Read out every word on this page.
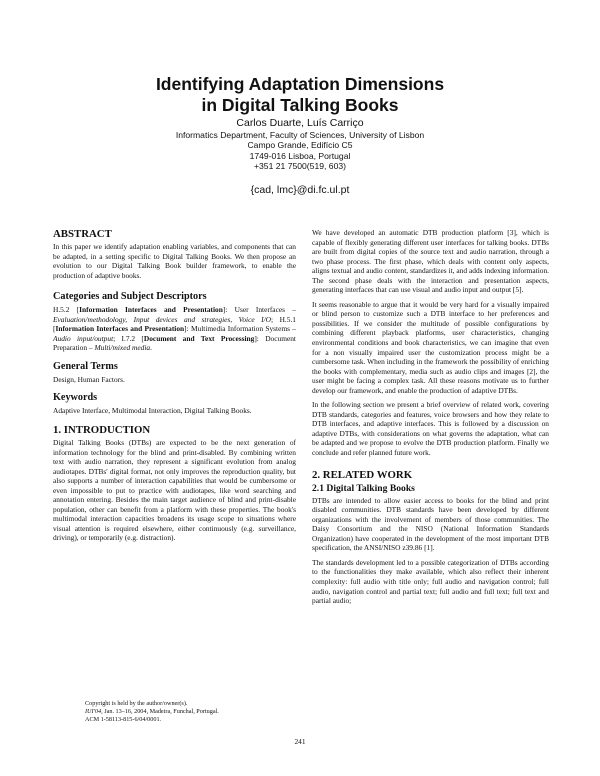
Identifying Adaptation Dimensions
in Digital Talking Books
Carlos Duarte, Luís Carriço
Informatics Department, Faculty of Sciences, University of Lisbon
Campo Grande, Edifício C5
1749-016 Lisboa, Portugal
+351 21 7500(519, 603)
{cad, lmc}@di.fc.ul.pt
ABSTRACT

In this paper we identify adaptation enabling variables, and components that can be adapted, in a setting specific to Digital Talking Books. We then propose an evolution to our Digital Talking Book builder framework, to enable the production of adaptive books.

Categories and Subject Descriptors

H.5.2 [Information Interfaces and Presentation]: User Interfaces – Evaluation/methodology, Input devices and strategies, Voice I/O; H.5.1 [Information Interfaces and Presentation]: Multimedia Information Systems – Audio input/output; I.7.2 [Document and Text Processing]: Document Preparation – Multi/mixed media.

General Terms

Design, Human Factors.

Keywords

Adaptive Interface, Multimodal Interaction, Digital Talking Books.

1. INTRODUCTION

Digital Talking Books (DTBs) are expected to be the next generation of information technology for the blind and print-disabled. By combining written text with audio narration, they represent a significant evolution from analog audiotapes. DTBs' digital format, not only improves the reproduction quality, but also supports a number of interaction capabilities that would be cumbersome or even impossible to put to practice with audiotapes, like word searching and annotation entering. Besides the main target audience of blind and print-disable population, other can benefit from a platform with these properties. The book's multimodal interaction capacities broadens its usage scope to situations where visual attention is required elsewhere, either continuously (e.g. surveillance, driving), or temporarily (e.g. distraction).

Copyright is held by the author/owner(s).
IUI'04, Jan. 13–16, 2004, Madeira, Funchal, Portugal.
ACM 1-58113-815-6/04/0001.

We have developed an automatic DTB production platform [3], which is capable of flexibly generating different user interfaces for talking books. DTBs are built from digital copies of the source text and audio narration, through a two phase process. The first phase, which deals with content only aspects, aligns textual and audio content, standardizes it, and adds indexing information. The second phase deals with the interaction and presentation aspects, generating interfaces that can use visual and audio input and output [5].

It seems reasonable to argue that it would be very hard for a visually impaired or blind person to customize such a DTB interface to her preferences and possibilities. If we consider the multitude of possible configurations by combining different playback platforms, user characteristics, changing environmental conditions and book characteristics, we can imagine that even for a non visually impaired user the customization process might be a cumbersome task. When including in the framework the possibility of enriching the books with complementary, media such as audio clips and images [2], the user might be facing a complex task. All these reasons motivate us to further develop our framework, and enable the production of adaptive DTBs.

In the following section we present a brief overview of related work, covering DTB standards, categories and features, voice browsers and how they relate to DTB interfaces, and adaptive interfaces. This is followed by a discussion on adaptive DTBs, with considerations on what governs the adaptation, what can be adapted and we propose to evolve the DTB production platform. Finally we conclude and refer planned future work.

2. RELATED WORK
2.1 Digital Talking Books

DTBs are intended to allow easier access to books for the blind and print disabled communities. DTB standards have been developed by different organizations with the involvement of members of those communities. The Daisy Consortium and the NISO (National Information Standards Organization) have cooperated in the development of the most important DTB specification, the ANSI/NISO z39.86 [1].

The standards development led to a possible categorization of DTBs according to the functionalities they make available, which also reflect their inherent complexity: full audio with title only; full audio and navigation control; full audio, navigation control and partial text; full audio and full text; full text and partial audio;

241
